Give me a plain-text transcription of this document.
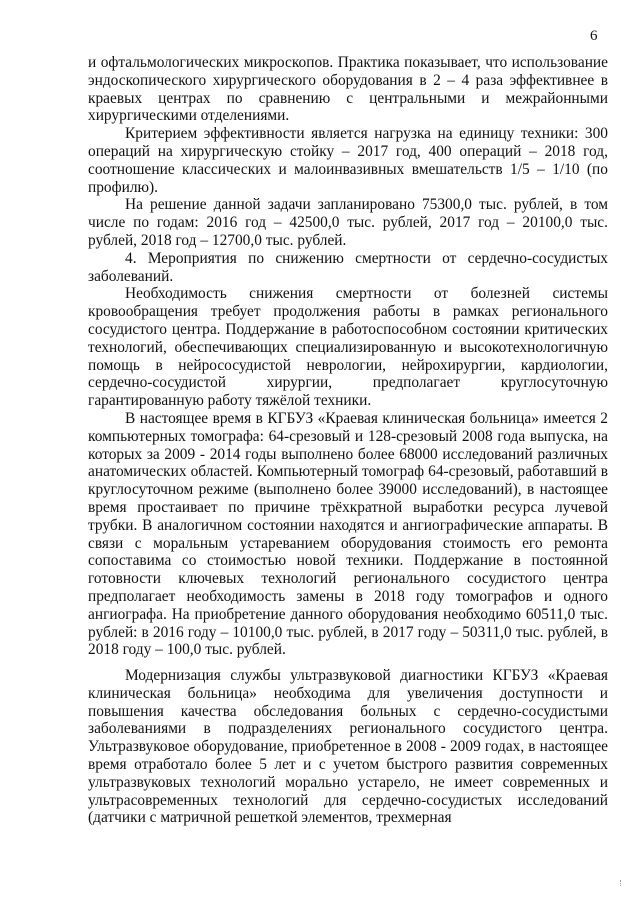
6

и офтальмологических микроскопов. Практика показывает, что использование эндоскопического хирургического оборудования в 2 – 4 раза эффективнее в краевых центрах по сравнению с центральными и межрайонными хирургическими отделениями.

Критерием эффективности является нагрузка на единицу техники: 300 операций на хирургическую стойку – 2017 год, 400 операций – 2018 год, соотношение классических и малоинвазивных вмешательств 1/5 – 1/10 (по профилю).

На решение данной задачи запланировано 75300,0 тыс. рублей, в том числе по годам: 2016 год – 42500,0 тыс. рублей, 2017 год – 20100,0 тыс. рублей, 2018 год – 12700,0 тыс. рублей.

4. Мероприятия по снижению смертности от сердечно-сосудистых заболеваний.

Необходимость снижения смертности от болезней системы кровообращения требует продолжения работы в рамках регионального сосудистого центра. Поддержание в работоспособном состоянии критических технологий, обеспечивающих специализированную и высокотехнологичную помощь в нейрососудистой неврологии, нейрохирургии, кардиологии, сердечно-сосудистой хирургии, предполагает круглосуточную гарантированную работу тяжёлой техники.

В настоящее время в КГБУЗ «Краевая клиническая больница» имеется 2 компьютерных томографа: 64-срезовый и 128-срезовый 2008 года выпуска, на которых за 2009 - 2014 годы выполнено более 68000 исследований различных анатомических областей. Компьютерный томограф 64-срезовый, работавший в круглосуточном режиме (выполнено более 39000 исследований), в настоящее время простаивает по причине трёхкратной выработки ресурса лучевой трубки. В аналогичном состоянии находятся и ангиографические аппараты. В связи с моральным устареванием оборудования стоимость его ремонта сопоставима со стоимостью новой техники. Поддержание в постоянной готовности ключевых технологий регионального сосудистого центра предполагает необходимость замены в 2018 году томографов и одного ангиографа. На приобретение данного оборудования необходимо 60511,0 тыс. рублей: в 2016 году – 10100,0 тыс. рублей, в 2017 году – 50311,0 тыс. рублей, в 2018 году – 100,0 тыс. рублей.

Модернизация службы ультразвуковой диагностики КГБУЗ «Краевая клиническая больница» необходима для увеличения доступности и повышения качества обследования больных с сердечно-сосудистыми заболеваниями в подразделениях регионального сосудистого центра. Ультразвуковое оборудование, приобретенное в 2008 - 2009 годах, в настоящее время отработало более 5 лет и с учетом быстрого развития современных ультразвуковых технологий морально устарело, не имеет современных и ультрасовременных технологий для сердечно-сосудистых исследований (датчики с матричной решеткой элементов, трехмерная
